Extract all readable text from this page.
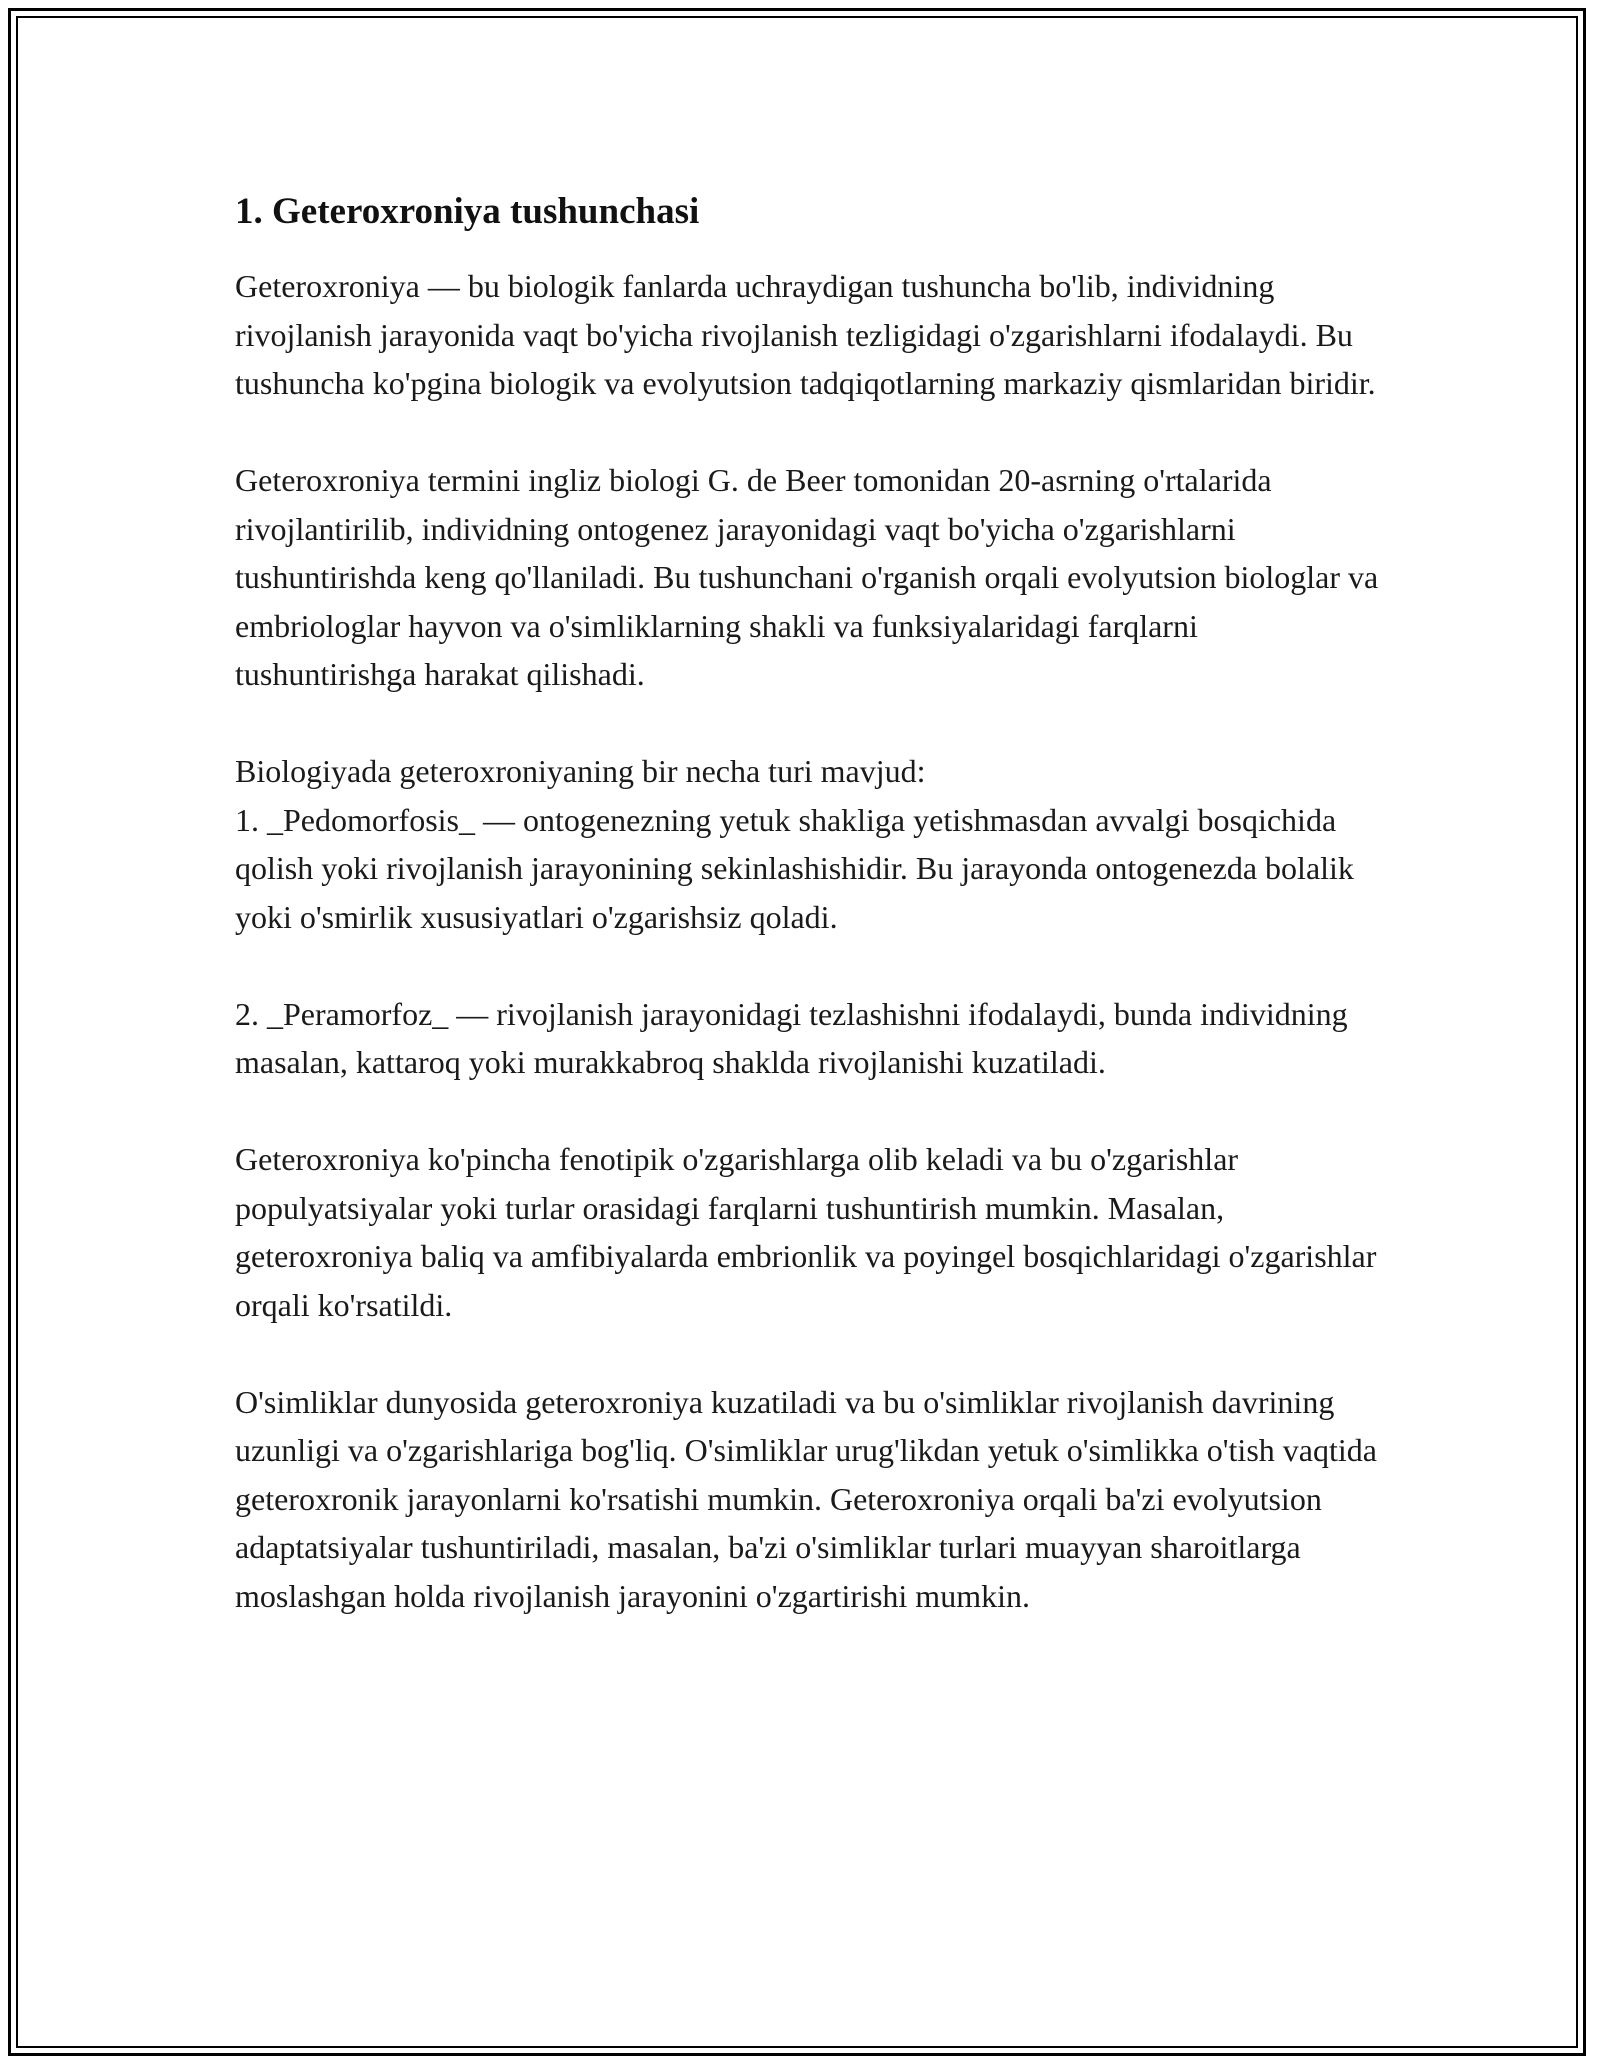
1. Geteroxroniya tushunchasi

Geteroxroniya — bu biologik fanlarda uchraydigan tushuncha bo'lib, individning rivojlanish jarayonida vaqt bo'yicha rivojlanish tezligidagi o'zgarishlarni ifodalaydi. Bu tushuncha ko'pgina biologik va evolyutsion tadqiqotlarning markaziy qismlaridan biridir.

Geteroxroniya termini ingliz biologi G. de Beer tomonidan 20-asrning o'rtalarida rivojlantirilib, individning ontogenez jarayonidagi vaqt bo'yicha o'zgarishlarni tushuntirishda keng qo'llaniladi. Bu tushunchani o'rganish orqali evolyutsion biologlar va embriologlar hayvon va o'simliklarning shakli va funksiyalaridagi farqlarni tushuntirishga harakat qilishadi.

Biologiyada geteroxroniyaning bir necha turi mavjud:

1. _Pedomorfosis_ — ontogenezning yetuk shakliga yetishmasdan avvalgi bosqichida qolish yoki rivojlanish jarayonining sekinlashishidir. Bu jarayonda ontogenezda bolalik yoki o'smirlik xususiyatlari o'zgarishsiz qoladi.

2. _Peramorfoz_ — rivojlanish jarayonidagi tezlashishni ifodalaydi, bunda individning masalan, kattaroq yoki murakkabroq shaklda rivojlanishi kuzatiladi.

Geteroxroniya ko'pincha fenotipik o'zgarishlarga olib keladi va bu o'zgarishlar populyatsiyalar yoki turlar orasidagi farqlarni tushuntirish mumkin. Masalan, geteroxroniya baliq va amfibiyalarda embrionlik va poyingel bosqichlaridagi o'zgarishlar orqali ko'rsatildi.

O'simliklar dunyosida geteroxroniya kuzatiladi va bu o'simliklar rivojlanish davrining uzunligi va o'zgarishlariga bog'liq. O'simliklar urug'likdan yetuk o'simlikka o'tish vaqtida geteroxronik jarayonlarni ko'rsatishi mumkin. Geteroxroniya orqali ba'zi evolyutsion adaptatsiyalar tushuntiriladi, masalan, ba'zi o'simliklar turlari muayyan sharoitlarga moslashgan holda rivojlanish jarayonini o'zgartirishi mumkin.
